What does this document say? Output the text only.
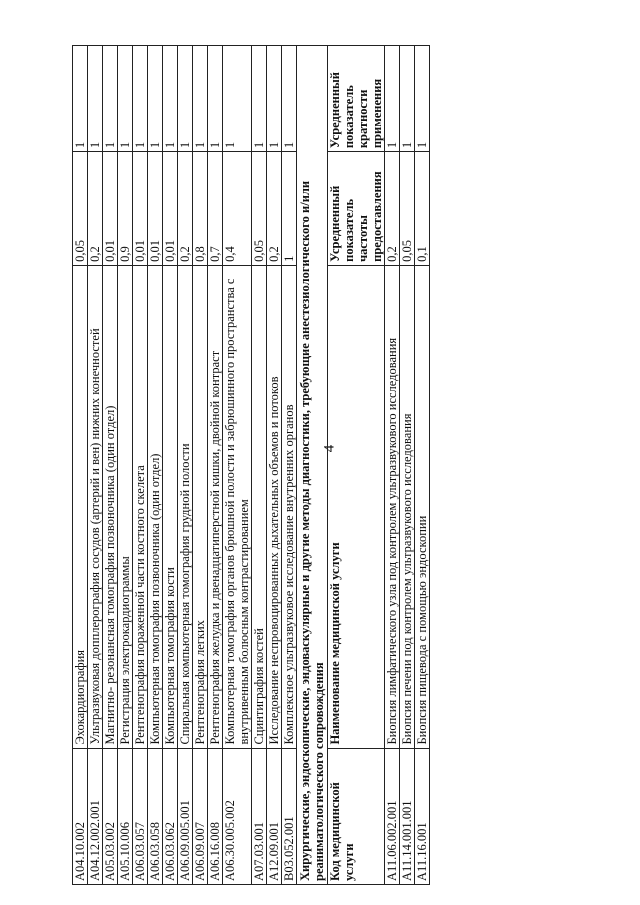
4
A04.10.002	Эхокардиография	0,05	1
A04.12.002.001	Ультразвуковая допплерография сосудов (артерий и вен) нижних конечностей	0,2	1
A05.03.002	Магнитно- резонансная томография позвоночника (один отдел)	0,01	1
A05.10.006	Регистрация электрокардиограммы	0,9	1
A06.03.057	Рентгенография пораженной части костного скелета	0,01	1
A06.03.058	Компьютерная томография позвоночника (один отдел)	0,01	1
A06.03.062	Компьютерная томография кости	0,01	1
A06.09.005.001	Спиральная компьютерная томография грудной полости	0,2	1
A06.09.007	Рентгенография легких	0,8	1
A06.16.008	Рентгенография желудка и двенадцатиперстной кишки, двойной контраст	0,7	1
A06.30.005.002	Компьютерная томография органов брюшной полости и забрюшинного пространства с внутривенным болюсным контрастированием	0,4	1
A07.03.001	Сцинтиграфия костей	0,05	1
A12.09.001	Исследование неспровоцированных дыхательных объемов и потоков	0,2	1
B03.052.001	Комплексное ультразвуковое исследование внутренних органов	1	1
Хирургические, эндоскопические, эндоваскулярные и другие методы диагностики, требующие анестезиологического и/или реаниматологического сопровождения			
Код медицинской услуги	Наименование медицинской услуги	Усредненный показатель частоты предоставления	Усредненный показатель кратности применения
A11.06.002.001	Биопсия лимфатического узла под контролем ультразвукового исследования	0,2	1
A11.14.001.001	Биопсия печени под контролем ультразвукового исследования	0,05	1
A11.16.001	Биопсия пищевода с помощью эндоскопии	0,1	1
